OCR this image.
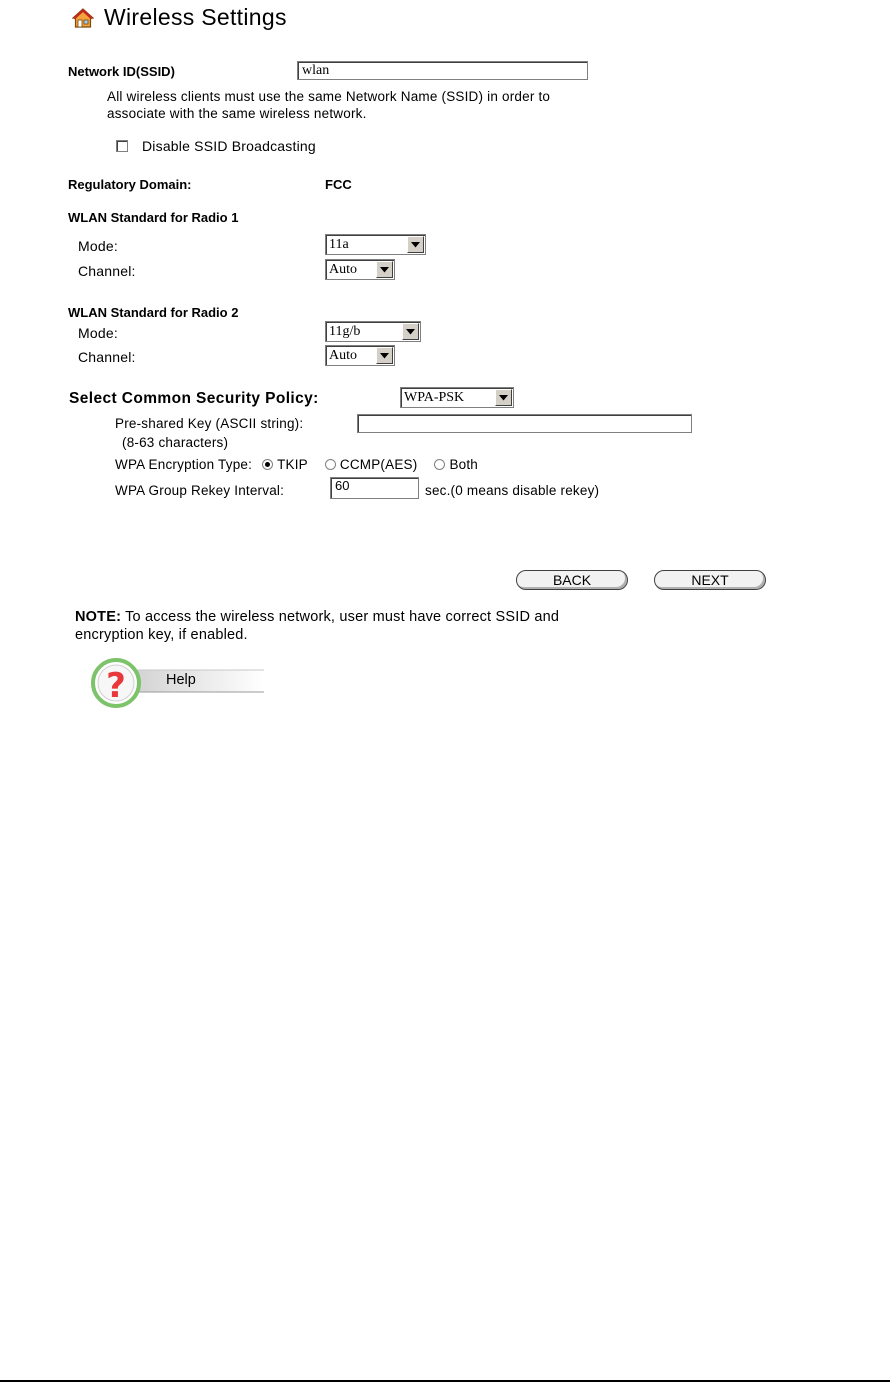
Wireless Settings
Network ID(SSID)	wlan
All wireless clients must use the same Network Name (SSID) in order to
associate with the same wireless network.
Disable SSID Broadcasting
Regulatory Domain:	FCC
WLAN Standard for Radio 1
Mode:	11a
Channel:	Auto
WLAN Standard for Radio 2
Mode:	11g/b
Channel:	Auto
Select Common Security Policy:	WPA-PSK
Pre-shared Key (ASCII string):
(8-63 characters)
WPA Encryption Type: TKIP CCMP(AES) Both
WPA Group Rekey Interval:	60	sec.(0 means disable rekey)
BACK	NEXT
NOTE: To access the wireless network, user must have correct SSID and
encryption key, if enabled.
?	Help
